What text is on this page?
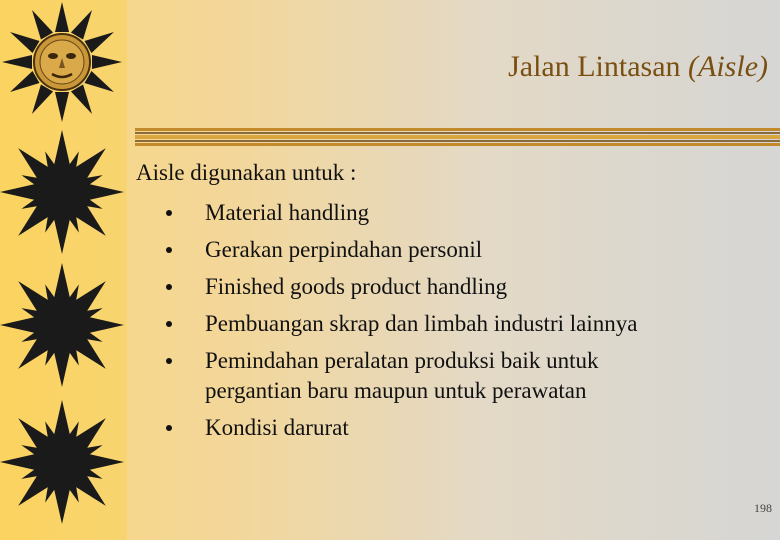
Jalan Lintasan (Aisle)
Aisle digunakan untuk :
Material handling
Gerakan perpindahan personil
Finished goods product handling
Pembuangan skrap dan limbah industri lainnya
Pemindahan peralatan produksi baik untuk pergantian baru maupun untuk perawatan
Kondisi darurat
198
